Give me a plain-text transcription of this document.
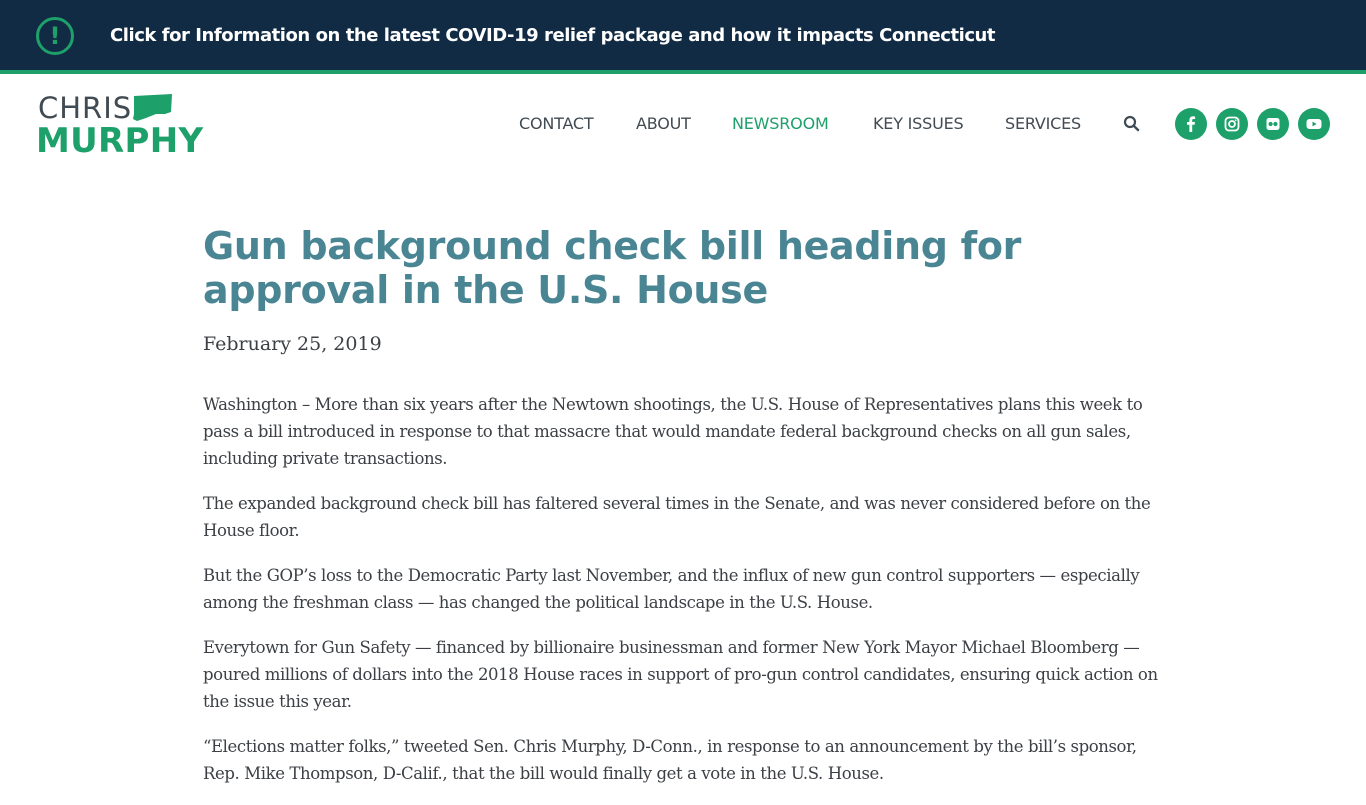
!	Click for Information on the latest COVID-19 relief package and how it impacts Connecticut
CHRIS
MURPHY	CONTACT	ABOUT	NEWSROOM	KEY ISSUES	SERVICES
Gun background check bill heading for approval in the U.S. House
February 25, 2019

Washington – More than six years after the Newtown shootings, the U.S. House of Representatives plans this week to pass a bill introduced in response to that massacre that would mandate federal background checks on all gun sales, including private transactions.

The expanded background check bill has faltered several times in the Senate, and was never considered before on the House floor.

But the GOP’s loss to the Democratic Party last November, and the influx of new gun control supporters — especially among the freshman class — has changed the political landscape in the U.S. House.

Everytown for Gun Safety — financed by billionaire businessman and former New York Mayor Michael Bloomberg — poured millions of dollars into the 2018 House races in support of pro-gun control candidates, ensuring quick action on the issue this year.

“Elections matter folks,” tweeted Sen. Chris Murphy, D-Conn., in response to an announcement by the bill’s sponsor, Rep. Mike Thompson, D-Calif., that the bill would finally get a vote in the U.S. House.
